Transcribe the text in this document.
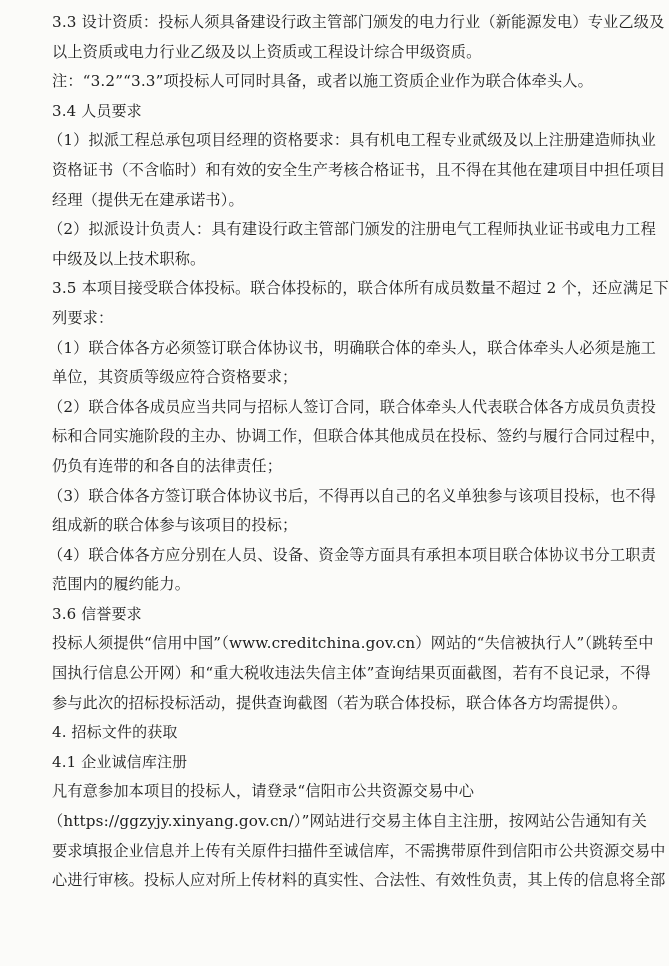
3.3 设计资质：投标人须具备建设行政主管部门颁发的电力行业（新能源发电）专业乙级及
以上资质或电力行业乙级及以上资质或工程设计综合甲级资质。
注：“3.2”“3.3”项投标人可同时具备，或者以施工资质企业作为联合体牵头人。
3.4 人员要求
（1）拟派工程总承包项目经理的资格要求：具有机电工程专业贰级及以上注册建造师执业
资格证书（不含临时）和有效的安全生产考核合格证书，且不得在其他在建项目中担任项目
经理（提供无在建承诺书）。
（2）拟派设计负责人：具有建设行政主管部门颁发的注册电气工程师执业证书或电力工程
中级及以上技术职称。
3.5 本项目接受联合体投标。联合体投标的，联合体所有成员数量不超过 2 个，还应满足下
列要求：
（1）联合体各方必须签订联合体协议书，明确联合体的牵头人，联合体牵头人必须是施工
单位，其资质等级应符合资格要求；
（2）联合体各成员应当共同与招标人签订合同，联合体牵头人代表联合体各方成员负责投
标和合同实施阶段的主办、协调工作，但联合体其他成员在投标、签约与履行合同过程中，
仍负有连带的和各自的法律责任；
（3）联合体各方签订联合体协议书后，不得再以自己的名义单独参与该项目投标，也不得
组成新的联合体参与该项目的投标；
（4）联合体各方应分别在人员、设备、资金等方面具有承担本项目联合体协议书分工职责
范围内的履约能力。
3.6 信誉要求
投标人须提供“信用中国”（www.creditchina.gov.cn）网站的“失信被执行人”（跳转至中
国执行信息公开网）和“重大税收违法失信主体”查询结果页面截图，若有不良记录，不得
参与此次的招标投标活动，提供查询截图（若为联合体投标，联合体各方均需提供）。
4. 招标文件的获取
4.1 企业诚信库注册
凡有意参加本项目的投标人，请登录“信阳市公共资源交易中心
（https://ggzyjy.xinyang.gov.cn/）”网站进行交易主体自主注册，按网站公告通知有关
要求填报企业信息并上传有关原件扫描件至诚信库，不需携带原件到信阳市公共资源交易中
心进行审核。投标人应对所上传材料的真实性、合法性、有效性负责，其上传的信息将全部
